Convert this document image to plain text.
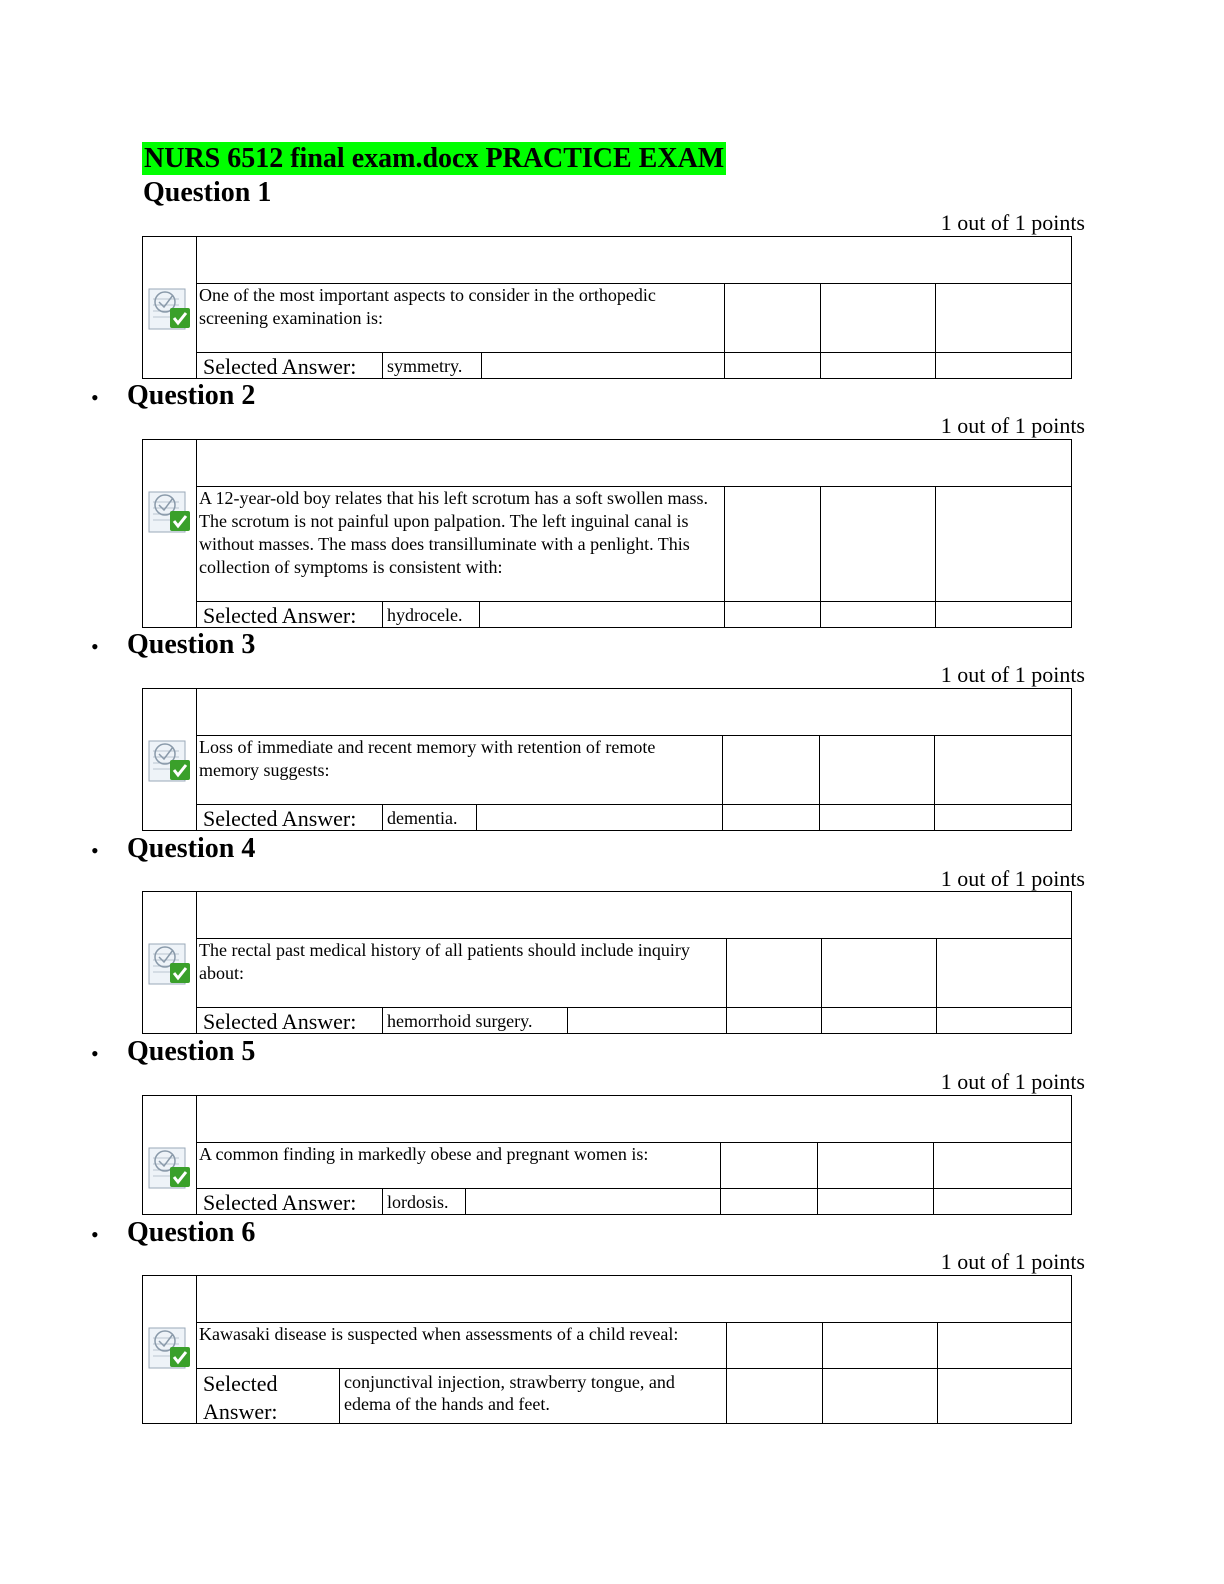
NURS 6512 final exam.docx PRACTICE EXAM
Question 1
1 out of 1 points
One of the most important aspects to consider in the orthopedic screening examination is:
Selected Answer: symmetry.
• Question 2
1 out of 1 points
A 12-year-old boy relates that his left scrotum has a soft swollen mass. The scrotum is not painful upon palpation. The left inguinal canal is without masses. The mass does transilluminate with a penlight. This collection of symptoms is consistent with:
Selected Answer: hydrocele.
• Question 3
1 out of 1 points
Loss of immediate and recent memory with retention of remote memory suggests:
Selected Answer: dementia.
• Question 4
1 out of 1 points
The rectal past medical history of all patients should include inquiry about:
Selected Answer: hemorrhoid surgery.
• Question 5
1 out of 1 points
A common finding in markedly obese and pregnant women is:
Selected Answer: lordosis.
• Question 6
1 out of 1 points
Kawasaki disease is suspected when assessments of a child reveal:
Selected Answer:
conjunctival injection, strawberry tongue, and edema of the hands and feet.
